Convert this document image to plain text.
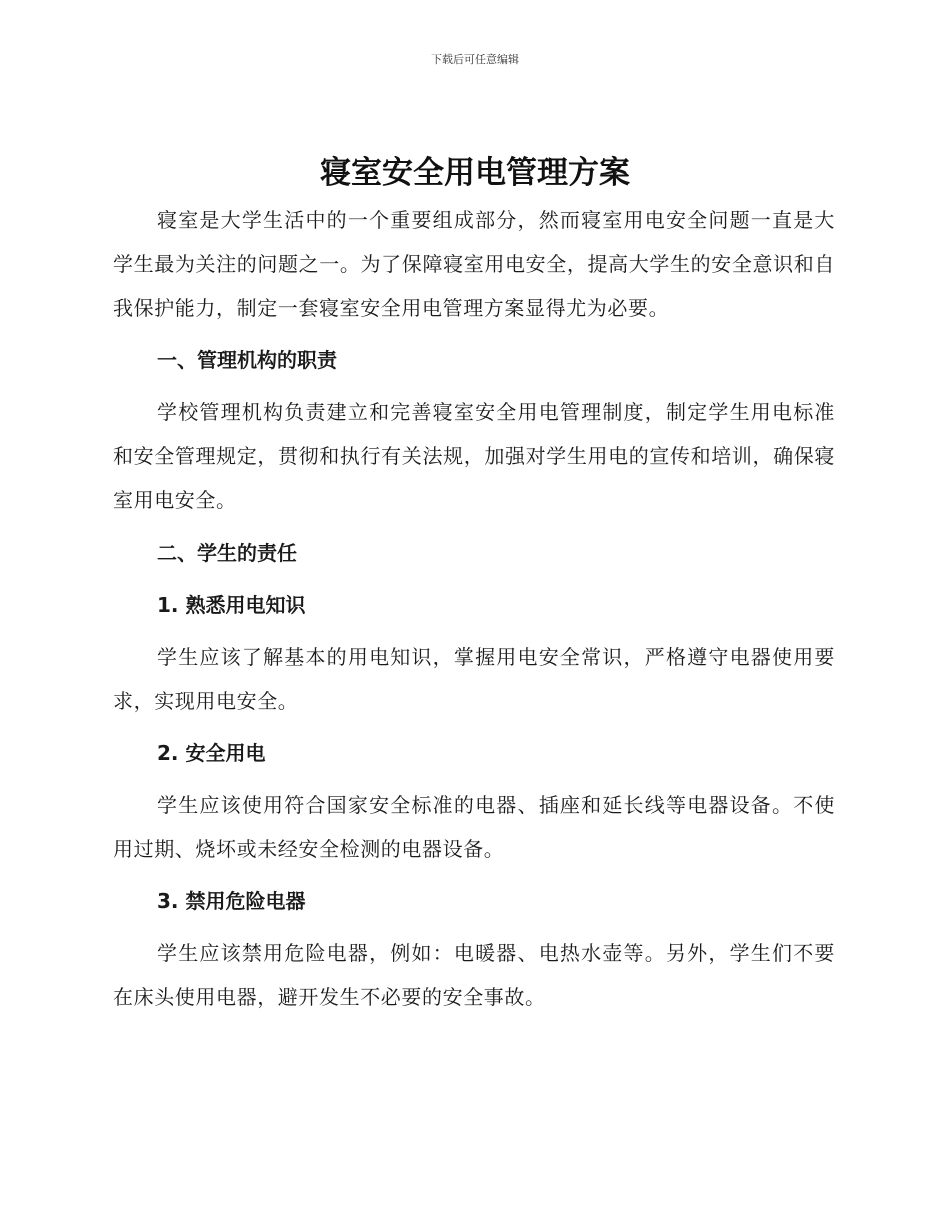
下载后可任意编辑
寝室安全用电管理方案

寝室是大学生活中的一个重要组成部分，然而寝室用电安全问题一直是大学生最为关注的问题之一。为了保障寝室用电安全，提高大学生的安全意识和自我保护能力，制定一套寝室安全用电管理方案显得尤为必要。

一、管理机构的职责

学校管理机构负责建立和完善寝室安全用电管理制度，制定学生用电标准和安全管理规定，贯彻和执行有关法规，加强对学生用电的宣传和培训，确保寝室用电安全。

二、学生的责任

1. 熟悉用电知识

学生应该了解基本的用电知识，掌握用电安全常识，严格遵守电器使用要求，实现用电安全。

2. 安全用电

学生应该使用符合国家安全标准的电器、插座和延长线等电器设备。不使用过期、烧坏或未经安全检测的电器设备。

3. 禁用危险电器

学生应该禁用危险电器，例如：电暖器、电热水壶等。另外，学生们不要在床头使用电器，避开发生不必要的安全事故。
